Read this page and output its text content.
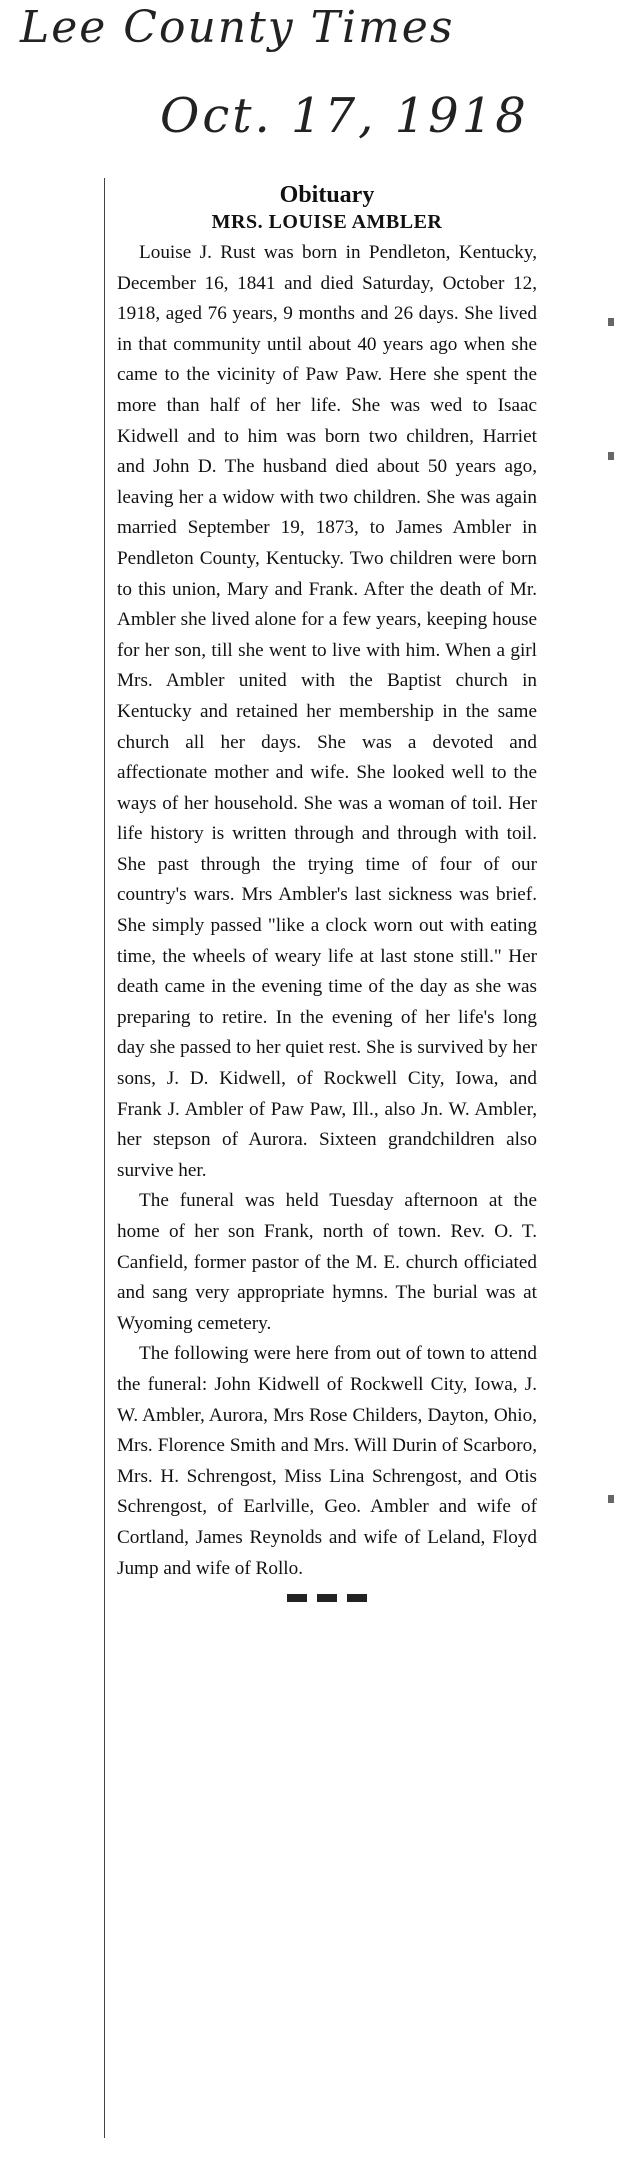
Lee County Times
Oct. 17, 1918
Obituary
MRS. LOUISE AMBLER

Louise J. Rust was born in Pendleton, Kentucky, December 16, 1841 and died Saturday, October 12, 1918, aged 76 years, 9 months and 26 days. She lived in that community until about 40 years ago when she came to the vicinity of Paw Paw. Here she spent the more than half of her life. She was wed to Isaac Kidwell and to him was born two children, Harriet and John D. The husband died about 50 years ago, leaving her a widow with two children. She was again married September 19, 1873, to James Ambler in Pendleton County, Kentucky. Two children were born to this union, Mary and Frank. After the death of Mr. Ambler she lived alone for a few years, keeping house for her son, till she went to live with him. When a girl Mrs. Ambler united with the Baptist church in Kentucky and retained her membership in the same church all her days. She was a devoted and affectionate mother and wife. She looked well to the ways of her household. She was a woman of toil. Her life history is written through and through with toil. She past through the trying time of four of our country's wars. Mrs Ambler's last sickness was brief. She simply passed "like a clock worn out with eating time, the wheels of weary life at last stone still." Her death came in the evening time of the day as she was preparing to retire. In the evening of her life's long day she passed to her quiet rest. She is survived by her sons, J. D. Kidwell, of Rockwell City, Iowa, and Frank J. Ambler of Paw Paw, Ill., also Jn. W. Ambler, her stepson of Aurora. Sixteen grandchildren also survive her.

The funeral was held Tuesday afternoon at the home of her son Frank, north of town. Rev. O. T. Canfield, former pastor of the M. E. church officiated and sang very appropriate hymns. The burial was at Wyoming cemetery.

The following were here from out of town to attend the funeral: John Kidwell of Rockwell City, Iowa, J. W. Ambler, Aurora, Mrs Rose Childers, Dayton, Ohio, Mrs. Florence Smith and Mrs. Will Durin of Scarboro, Mrs. H. Schrengost, Miss Lina Schrengost, and Otis Schrengost, of Earlville, Geo. Ambler and wife of Cortland, James Reynolds and wife of Leland, Floyd Jump and wife of Rollo.
